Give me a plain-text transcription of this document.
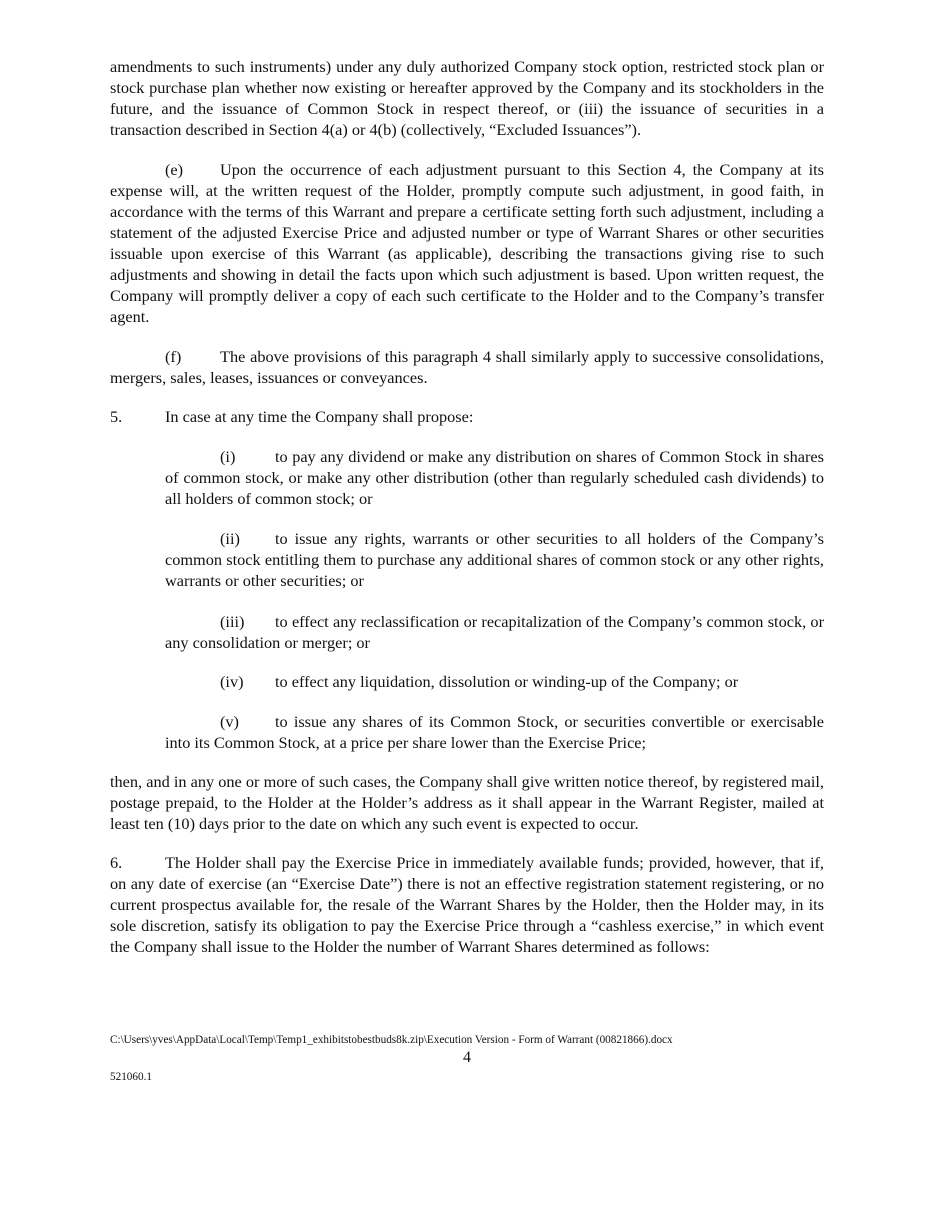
amendments to such instruments) under any duly authorized Company stock option, restricted stock plan or stock purchase plan whether now existing or hereafter approved by the Company and its stockholders in the future, and the issuance of Common Stock in respect thereof, or (iii) the issuance of securities in a transaction described in Section 4(a) or 4(b) (collectively, “Excluded Issuances”).

(e) Upon the occurrence of each adjustment pursuant to this Section 4, the Company at its expense will, at the written request of the Holder, promptly compute such adjustment, in good faith, in accordance with the terms of this Warrant and prepare a certificate setting forth such adjustment, including a statement of the adjusted Exercise Price and adjusted number or type of Warrant Shares or other securities issuable upon exercise of this Warrant (as applicable), describing the transactions giving rise to such adjustments and showing in detail the facts upon which such adjustment is based. Upon written request, the Company will promptly deliver a copy of each such certificate to the Holder and to the Company’s transfer agent.

(f) The above provisions of this paragraph 4 shall similarly apply to successive consolidations, mergers, sales, leases, issuances or conveyances.

5.	In case at any time the Company shall propose:

(i) to pay any dividend or make any distribution on shares of Common Stock in shares of common stock, or make any other distribution (other than regularly scheduled cash dividends) to all holders of common stock; or

(ii) to issue any rights, warrants or other securities to all holders of the Company’s common stock entitling them to purchase any additional shares of common stock or any other rights, warrants or other securities; or

(iii) to effect any reclassification or recapitalization of the Company’s common stock, or any consolidation or merger; or

(iv) to effect any liquidation, dissolution or winding-up of the Company; or

(v) to issue any shares of its Common Stock, or securities convertible or exercisable into its Common Stock, at a price per share lower than the Exercise Price;

then, and in any one or more of such cases, the Company shall give written notice thereof, by registered mail, postage prepaid, to the Holder at the Holder’s address as it shall appear in the Warrant Register, mailed at least ten (10) days prior to the date on which any such event is expected to occur.

6.	The Holder shall pay the Exercise Price in immediately available funds; provided, however, that if, on any date of exercise (an “Exercise Date”) there is not an effective registration statement registering, or no current prospectus available for, the resale of the Warrant Shares by the Holder, then the Holder may, in its sole discretion, satisfy its obligation to pay the Exercise Price through a “cashless exercise,” in which event the Company shall issue to the Holder the number of Warrant Shares determined as follows:

C:\Users\yves\AppData\Local\Temp\Temp1_exhibitstobestbuds8k.zip\Execution Version - Form of Warrant (00821866).docx
4
521060.1
